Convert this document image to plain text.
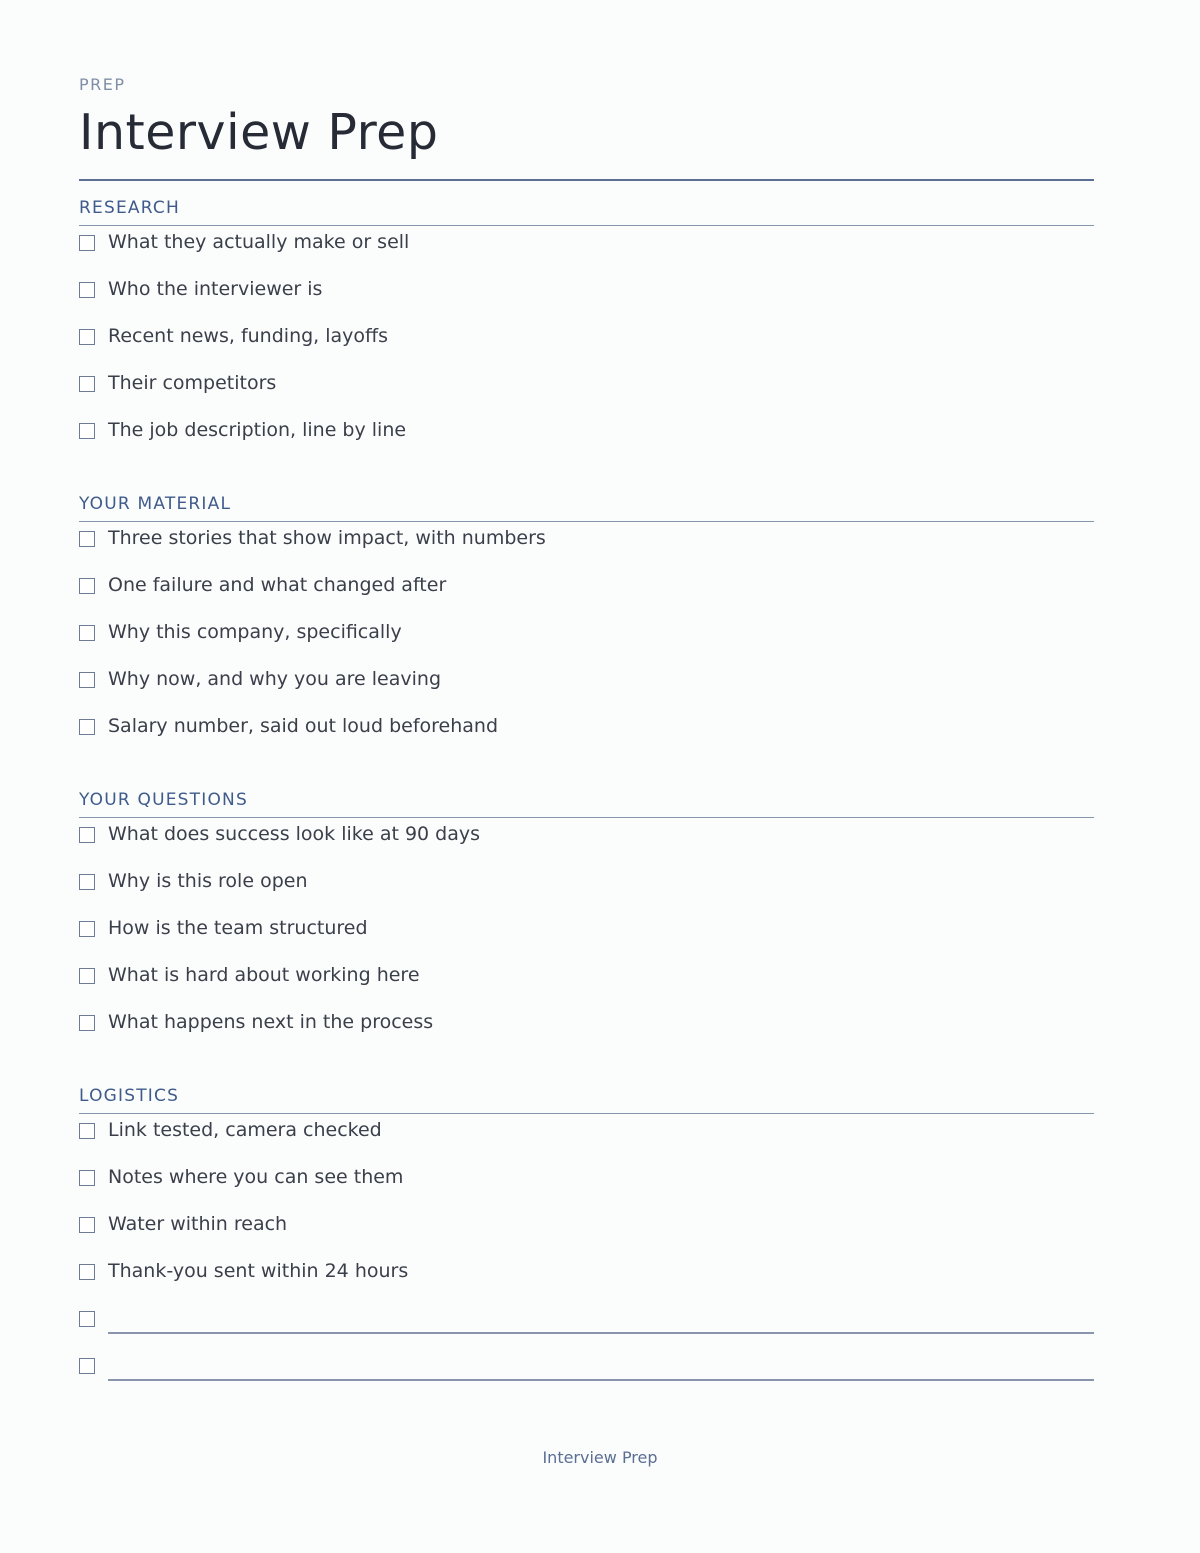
PREP
Interview Prep
RESEARCH
What they actually make or sell
Who the interviewer is
Recent news, funding, layoffs
Their competitors
The job description, line by line
YOUR MATERIAL
Three stories that show impact, with numbers
One failure and what changed after
Why this company, specifically
Why now, and why you are leaving
Salary number, said out loud beforehand
YOUR QUESTIONS
What does success look like at 90 days
Why is this role open
How is the team structured
What is hard about working here
What happens next in the process
LOGISTICS
Link tested, camera checked
Notes where you can see them
Water within reach
Thank-you sent within 24 hours
Interview Prep
